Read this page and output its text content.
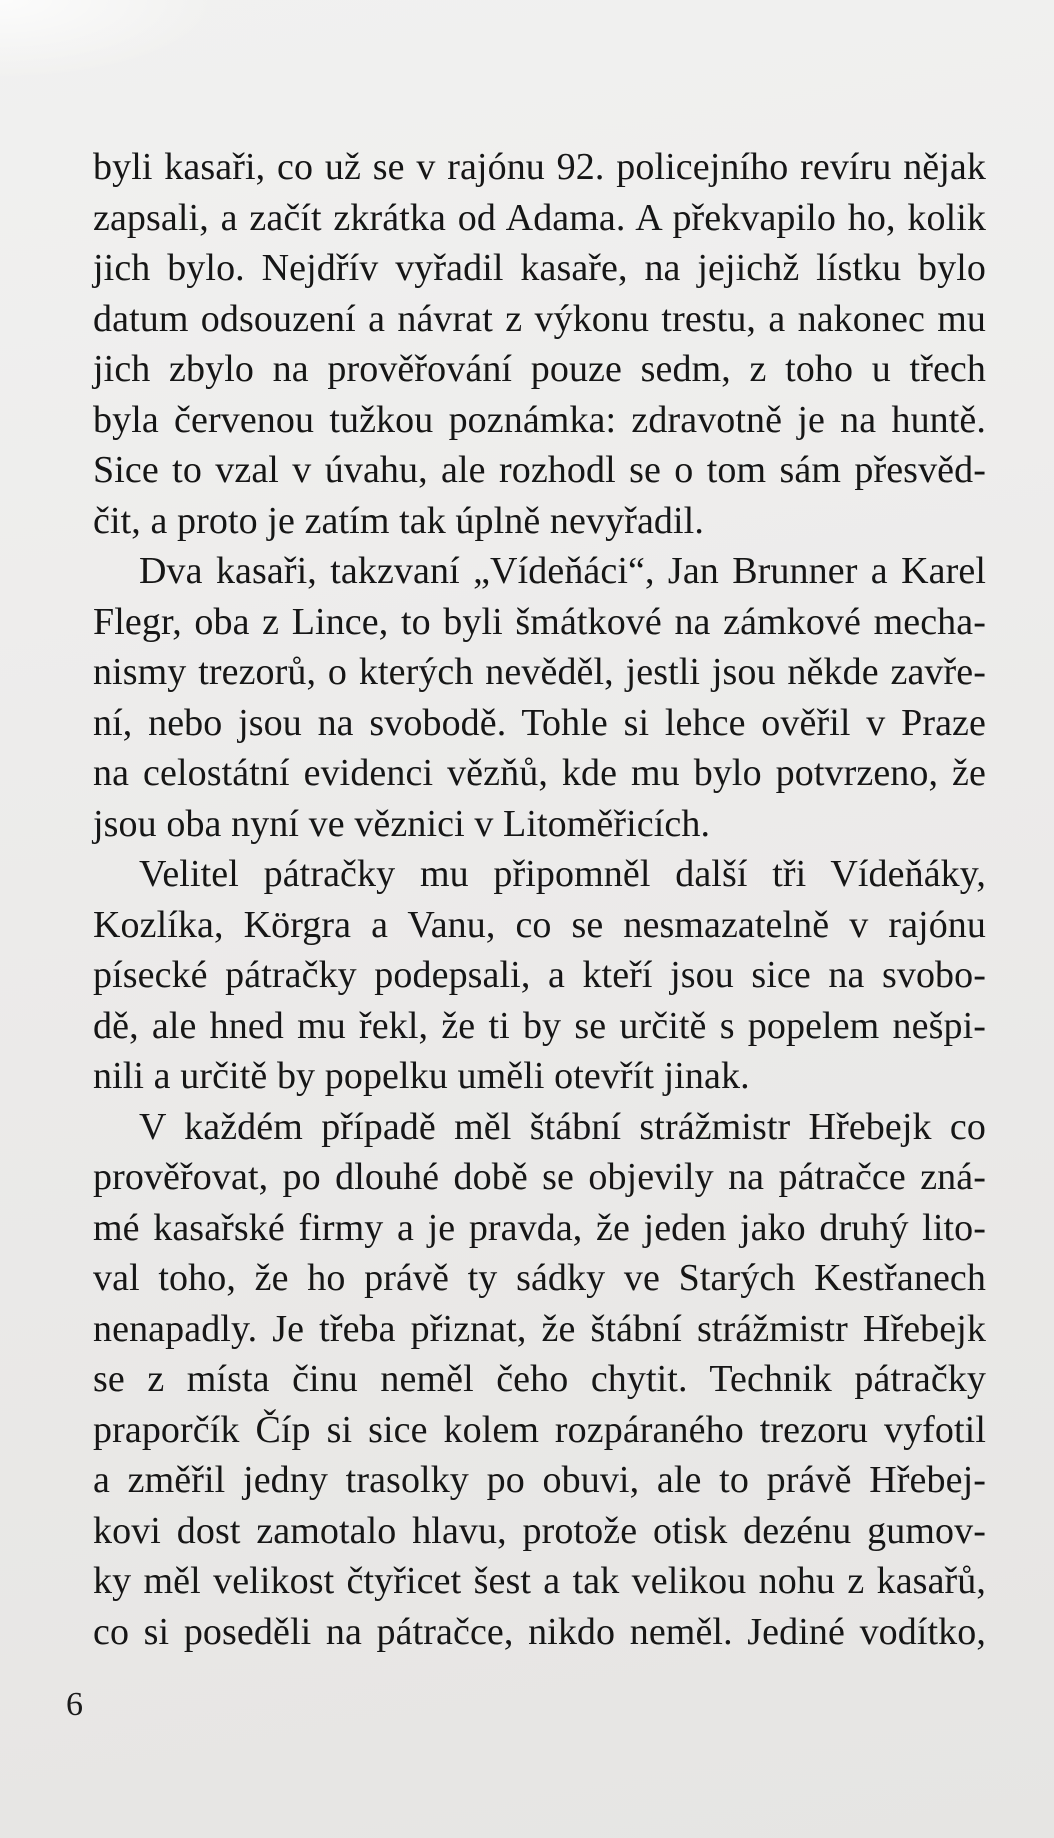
byli kasaři, co už se v rajónu 92. policejního revíru nějak
zapsali, a začít zkrátka od Adama. A překvapilo ho, kolik
jich bylo. Nejdřív vyřadil kasaře, na jejichž lístku bylo
datum odsouzení a návrat z výkonu trestu, a nakonec mu
jich zbylo na prověřování pouze sedm, z toho u třech
byla červenou tužkou poznámka: zdravotně je na huntě.
Sice to vzal v úvahu, ale rozhodl se o tom sám přesvěd-
čit, a proto je zatím tak úplně nevyřadil.
Dva kasaři, takzvaní „Vídeňáci“, Jan Brunner a Karel
Flegr, oba z Lince, to byli šmátkové na zámkové mecha-
nismy trezorů, o kterých nevěděl, jestli jsou někde zavře-
ní, nebo jsou na svobodě. Tohle si lehce ověřil v Praze
na celostátní evidenci vězňů, kde mu bylo potvrzeno, že
jsou oba nyní ve věznici v Litoměřicích.
Velitel pátračky mu připomněl další tři Vídeňáky,
Kozlíka, Körgra a Vanu, co se nesmazatelně v rajónu
písecké pátračky podepsali, a kteří jsou sice na svobo-
dě, ale hned mu řekl, že ti by se určitě s popelem nešpi-
nili a určitě by popelku uměli otevřít jinak.
V každém případě měl štábní strážmistr Hřebejk co
prověřovat, po dlouhé době se objevily na pátračce zná-
mé kasařské firmy a je pravda, že jeden jako druhý lito-
val toho, že ho právě ty sádky ve Starých Kestřanech
nenapadly. Je třeba přiznat, že štábní strážmistr Hřebejk
se z místa činu neměl čeho chytit. Technik pátračky
praporčík Číp si sice kolem rozpáraného trezoru vyfotil
a změřil jedny trasolky po obuvi, ale to právě Hřebej-
kovi dost zamotalo hlavu, protože otisk dezénu gumov-
ky měl velikost čtyřicet šest a tak velikou nohu z kasařů,
co si poseděli na pátračce, nikdo neměl. Jediné vodítko,
6
